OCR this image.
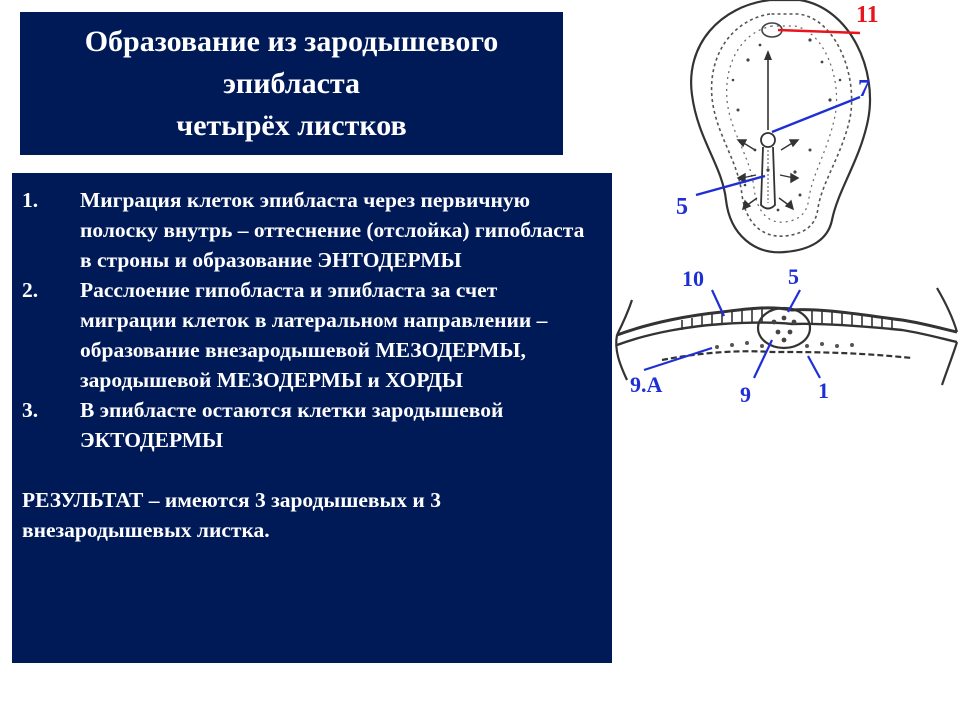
Образование из зародышевого
эпибласта
четырёх листков
1.	Миграция клеток эпибласта через первичную полоску внутрь – оттеснение (отслойка) гипобласта в строны и образование ЭНТОДЕРМЫ
2.	Расслоение гипобласта и эпибласта за счет миграции клеток в латеральном направлении – образование внезародышевой МЕЗОДЕРМЫ, зародышевой МЕЗОДЕРМЫ и ХОРДЫ
3.	В эпибласте остаются клетки зародышевой ЭКТОДЕРМЫ
РЕЗУЛЬТАТ – имеются 3 зародышевых и 3 внезародышевых листка.
11
7
5
10	5
9.А	9	1
